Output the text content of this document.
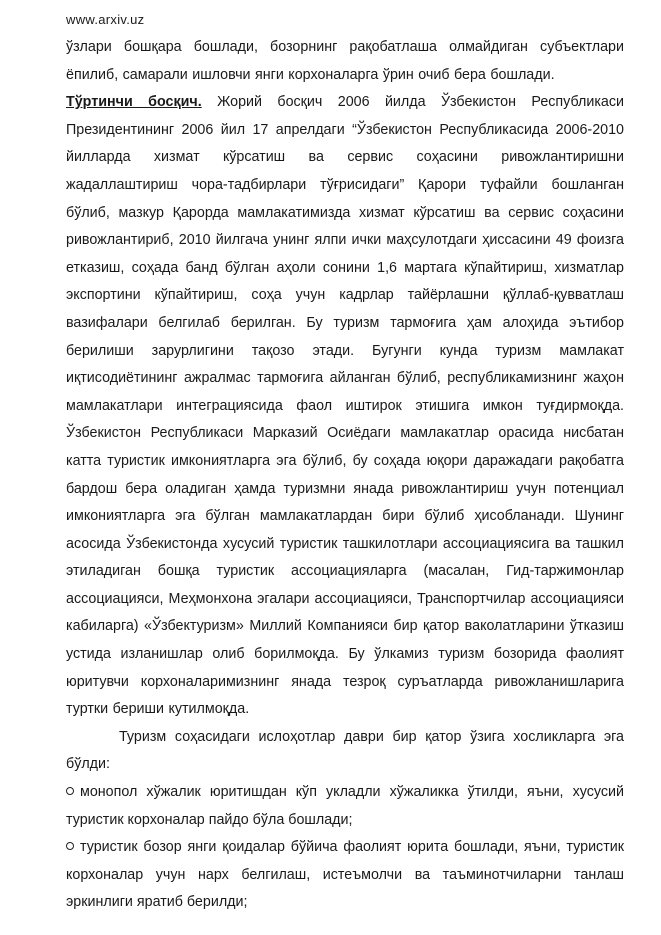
www.arxiv.uz

ўзлари бошқара бошлади, бозорнинг рақобатлаша олмайдиган субъектлари ёпилиб, самарали ишловчи янги корхоналарга ўрин очиб бера бошлади.

Тўртинчи босқич. Жорий босқич 2006 йилда Ўзбекистон Республикаси Президентининг 2006 йил 17 апрелдаги “Ўзбекистон Республикасида 2006-2010 йилларда хизмат кўрсатиш ва сервис соҳасини ривожлантиришни жадаллаштириш чора-тадбирлари тўғрисидаги” Қарори туфайли бошланган бўлиб, мазкур Қарорда мамлакатимизда хизмат кўрсатиш ва сервис соҳасини ривожлантириб, 2010 йилгача унинг ялпи ички маҳсулотдаги ҳиссасини 49 фоизга етказиш, соҳада банд бўлган аҳоли сонини 1,6 мартага кўпайтириш, хизматлар экспортини кўпайтириш, соҳа учун кадрлар тайёрлашни қўллаб-қувватлаш вазифалари белгилаб берилган. Бу туризм тармоғига ҳам алоҳида эътибор берилиши зарурлигини тақозо этади. Бугунги кунда туризм мамлакат иқтисодиётининг ажралмас тармоғига айланган бўлиб, республикамизнинг жаҳон мамлакатлари интеграциясида фаол иштирок этишига имкон туғдирмоқда. Ўзбекистон Республикаси Марказий Осиёдаги мамлакатлар орасида нисбатан катта туристик имкониятларга эга бўлиб, бу соҳада юқори даражадаги рақобатга бардош бера оладиган ҳамда туризмни янада ривожлантириш учун потенциал имкониятларга эга бўлган мамлакатлардан бири бўлиб ҳисобланади. Шунинг асосида Ўзбекистонда хусусий туристик ташкилотлари ассоциациясига ва ташкил этиладиган бошқа туристик ассоциацияларга (масалан, Гид-таржимонлар ассоциацияси, Меҳмонхона эгалари ассоциацияси, Транспортчилар ассоциацияси кабиларга) «Ўзбектуризм» Миллий Компанияси бир қатор ваколатларини ўтказиш устида изланишлар олиб борилмоқда. Бу ўлкамиз туризм бозорида фаолият юритувчи корхоналаримизнинг янада тезроқ суръатларда ривожланишларига туртки бериши кутилмоқда.

Туризм соҳасидаги ислоҳотлар даври бир қатор ўзига хосликларга эга бўлди:

монопол хўжалик юритишдан кўп укладли хўжаликка ўтилди, яъни, хусусий туристик корхоналар пайдо бўла бошлади;

туристик бозор янги қоидалар бўйича фаолият юрита бошлади, яъни, туристик корхоналар учун нарх белгилаш, истеъмолчи ва таъминотчиларни танлаш эркинлиги яратиб берилди;
